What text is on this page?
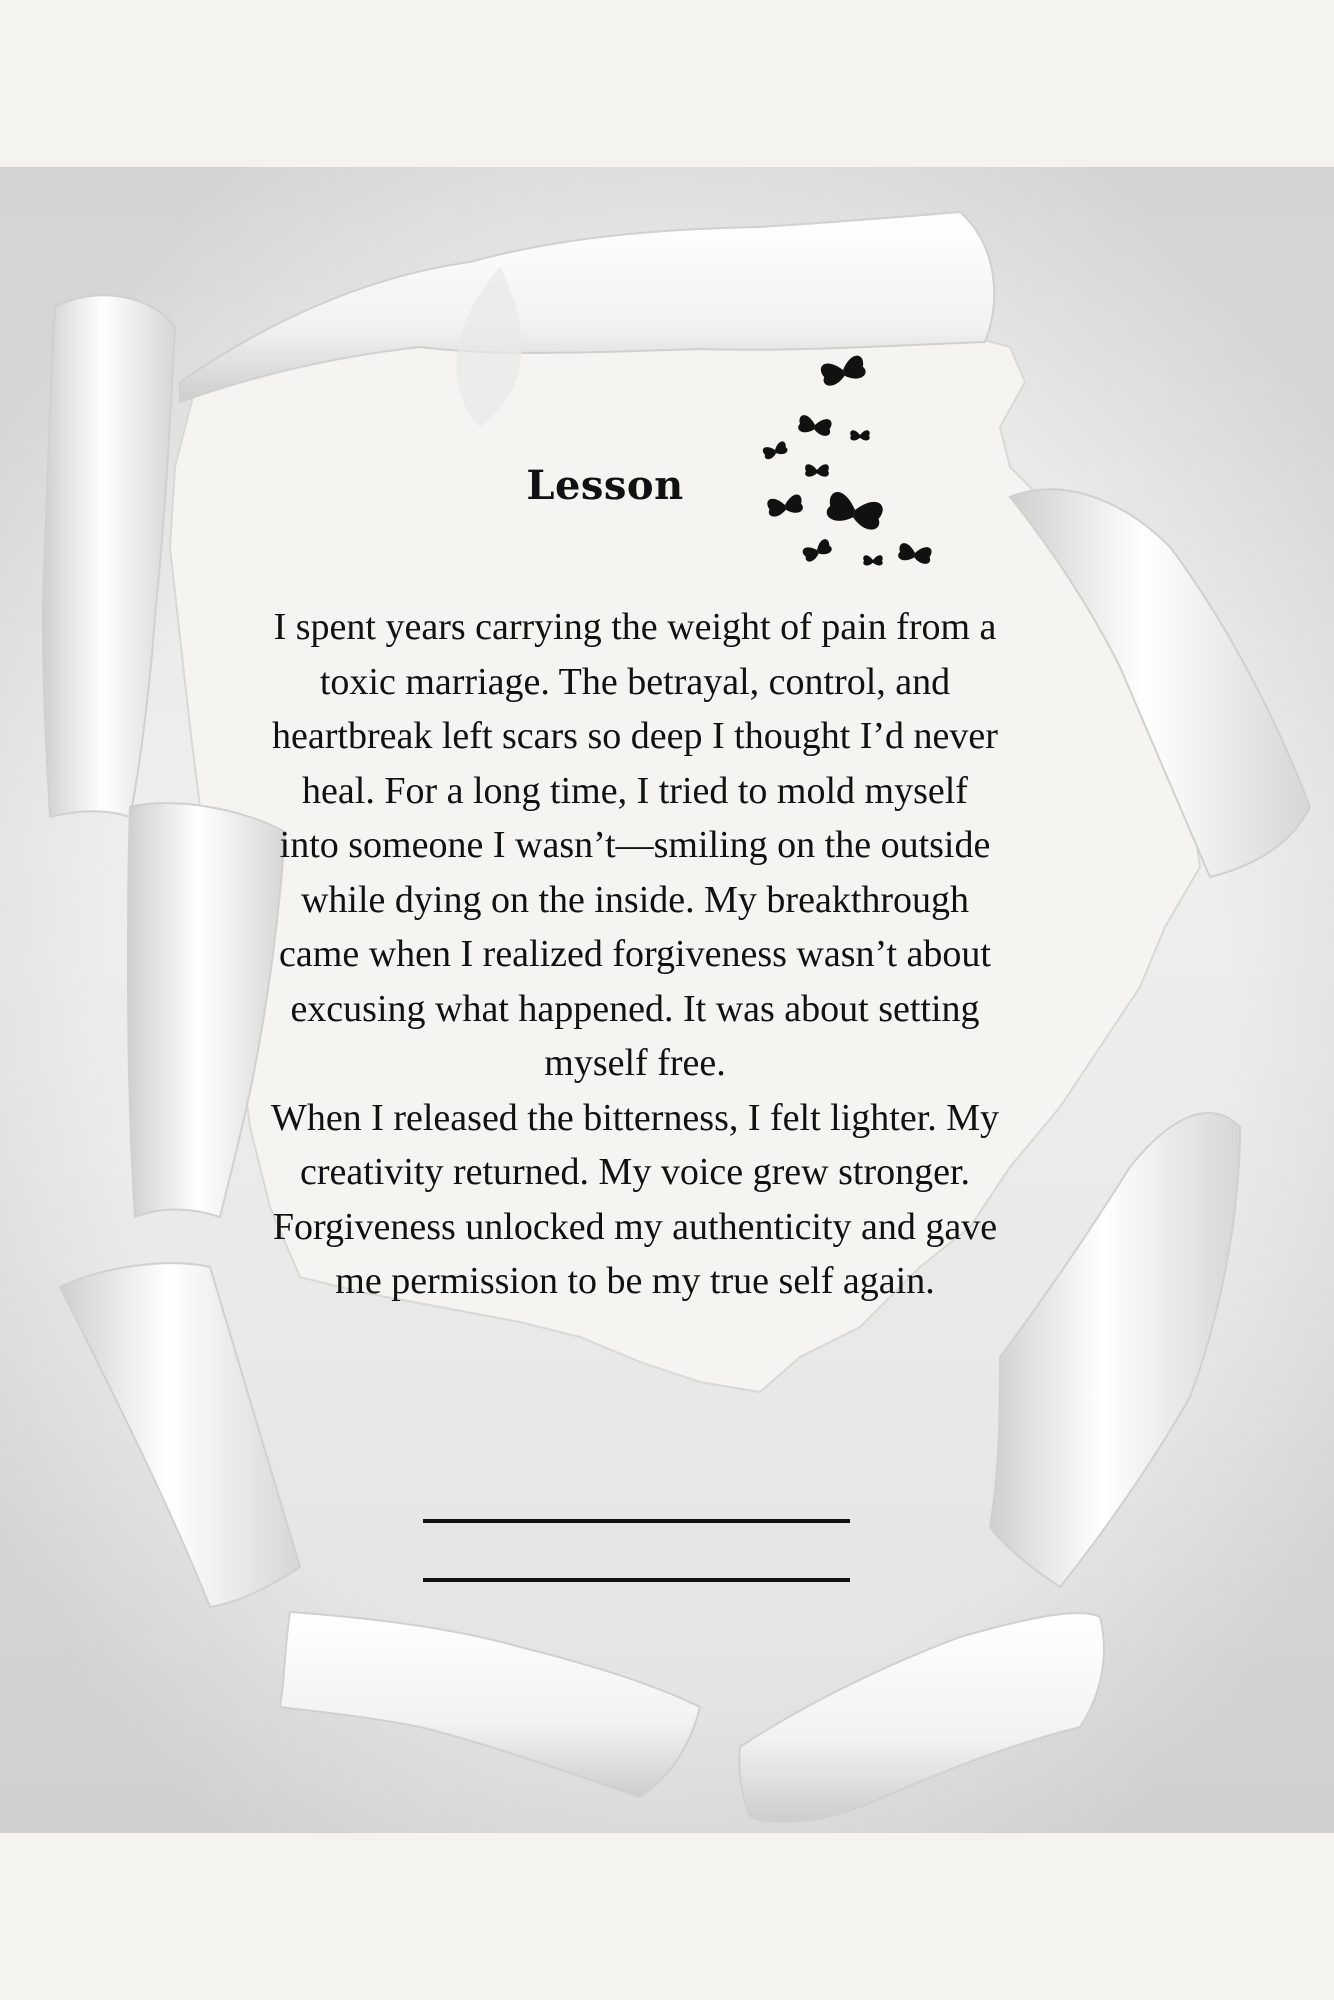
Lesson

I spent years carrying the weight of pain from a toxic marriage. The betrayal, control, and heartbreak left scars so deep I thought I’d never heal. For a long time, I tried to mold myself into someone I wasn’t—smiling on the outside while dying on the inside. My breakthrough came when I realized forgiveness wasn’t about excusing what happened. It was about setting myself free.

When I released the bitterness, I felt lighter. My creativity returned. My voice grew stronger. Forgiveness unlocked my authenticity and gave me permission to be my true self again.
